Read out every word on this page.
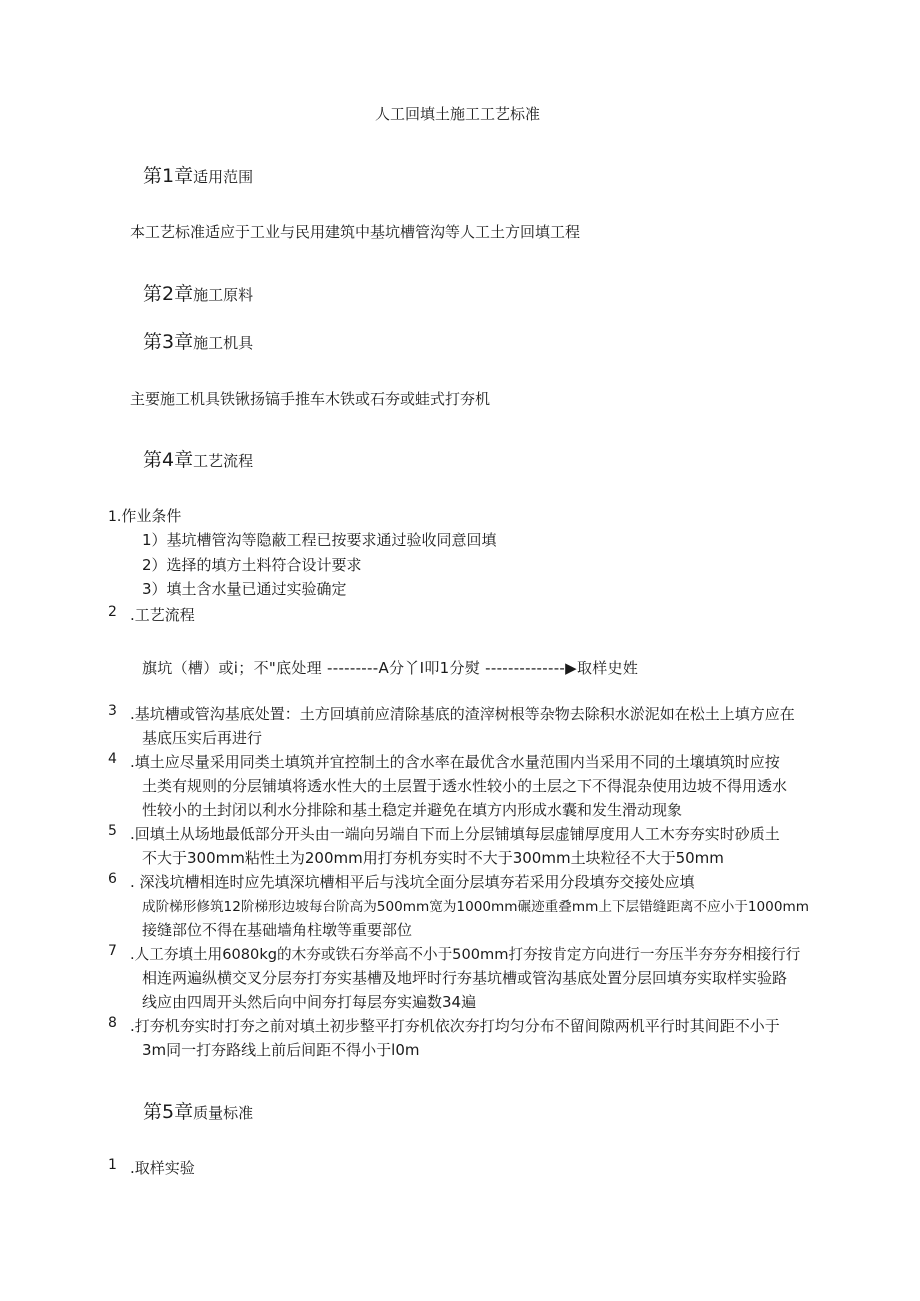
人工回填土施工工艺标准
第1章适用范围
本工艺标准适应于工业与民用建筑中基坑槽管沟等人工土方回填工程
第2章施工原料
第3章施工机具
主要施工机具铁锹扬镐手推车木铁或石夯或蛙式打夯机
第4章工艺流程
1.作业条件
1）基坑槽管沟等隐蔽工程已按要求通过验收同意回填
2）选择的填方土料符合设计要求
3）填土含水量已通过实验确定
2 .工艺流程
旗坑（槽）或i；不"底处理 ---------A分丫I叩1分熨 --------------▶取样史姓
3 .基坑槽或管沟基底处置：土方回填前应清除基底的渣滓树根等杂物去除积水淤泥如在松土上填方应在
基底压实后再进行
4 .填土应尽量采用同类土填筑并宜控制土的含水率在最优含水量范围内当采用不同的土壤填筑时应按
土类有规则的分层铺填将透水性大的土层置于透水性较小的土层之下不得混杂使用边坡不得用透水
性较小的土封闭以利水分排除和基土稳定并避免在填方内形成水囊和发生滑动现象
5 .回填土从场地最低部分开头由一端向另端自下而上分层铺填每层虚铺厚度用人工木夯夯实时砂质土
不大于300mm粘性土为200mm用打夯机夯实时不大于300mm土块粒径不大于50mm
6 . 深浅坑槽相连时应先填深坑槽相平后与浅坑全面分层填夯若采用分段填夯交接处应填
成阶梯形修筑12阶梯形边坡每台阶高为500mm宽为1000mm碾迹重叠mm上下层错缝距离不应小于1000mm
接缝部位不得在基础墙角柱墩等重要部位
7 .人工夯填土用6080kg的木夯或铁石夯举高不小于500mm打夯按肯定方向进行一夯压半夯夯夯相接行行
相连两遍纵横交叉分层夯打夯实基槽及地坪时行夯基坑槽或管沟基底处置分层回填夯实取样实验路
线应由四周开头然后向中间夯打每层夯实遍数34遍
8 .打夯机夯实时打夯之前对填土初步整平打夯机依次夯打均匀分布不留间隙两机平行时其间距不小于
3m同一打夯路线上前后间距不得小于l0m
第5章质量标准
1 .取样实验
